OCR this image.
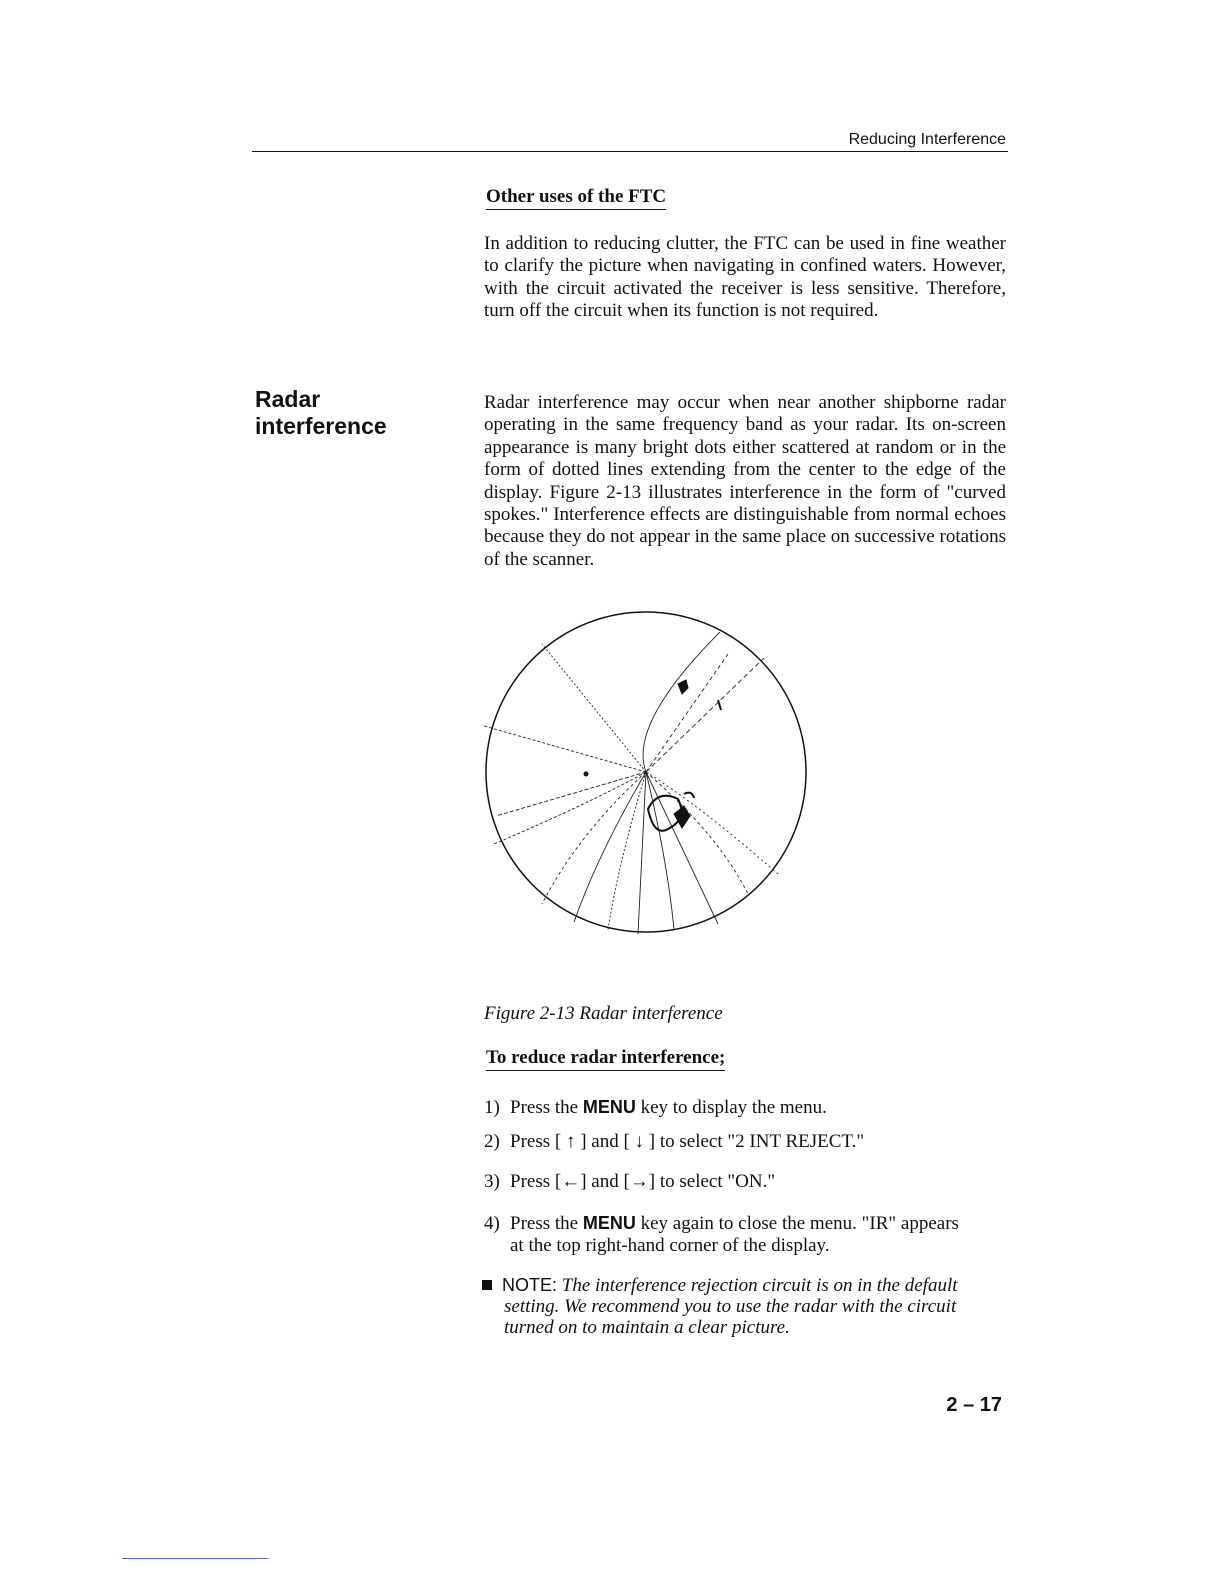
Reducing Interference
Other uses of the FTC
In addition to reducing clutter, the FTC can be used in fine weather to clarify the picture when navigating in confined waters. However, with the circuit activated the receiver is less sensitive. Therefore, turn off the circuit when its function is not required.
Radar
interference
Radar interference may occur when near another shipborne radar operating in the same frequency band as your radar. Its on-screen appearance is many bright dots either scattered at random or in the form of dotted lines extending from the center to the edge of the display. Figure 2-13 illustrates interference in the form of "curved spokes." Interference effects are distinguishable from normal echoes because they do not appear in the same place on successive rotations of the scanner.
Figure 2-13 Radar interference
To reduce radar interference;
1) Press the MENU key to display the menu.
2) Press [ ↑ ] and [ ↓ ] to select "2 INT REJECT."
3) Press [←] and [→] to select "ON."
4) Press the MENU key again to close the menu. "IR" appears
at the top right-hand corner of the display.
NOTE: The interference rejection circuit is on in the default
setting. We recommend you to use the radar with the circuit
turned on to maintain a clear picture.
2 – 17
